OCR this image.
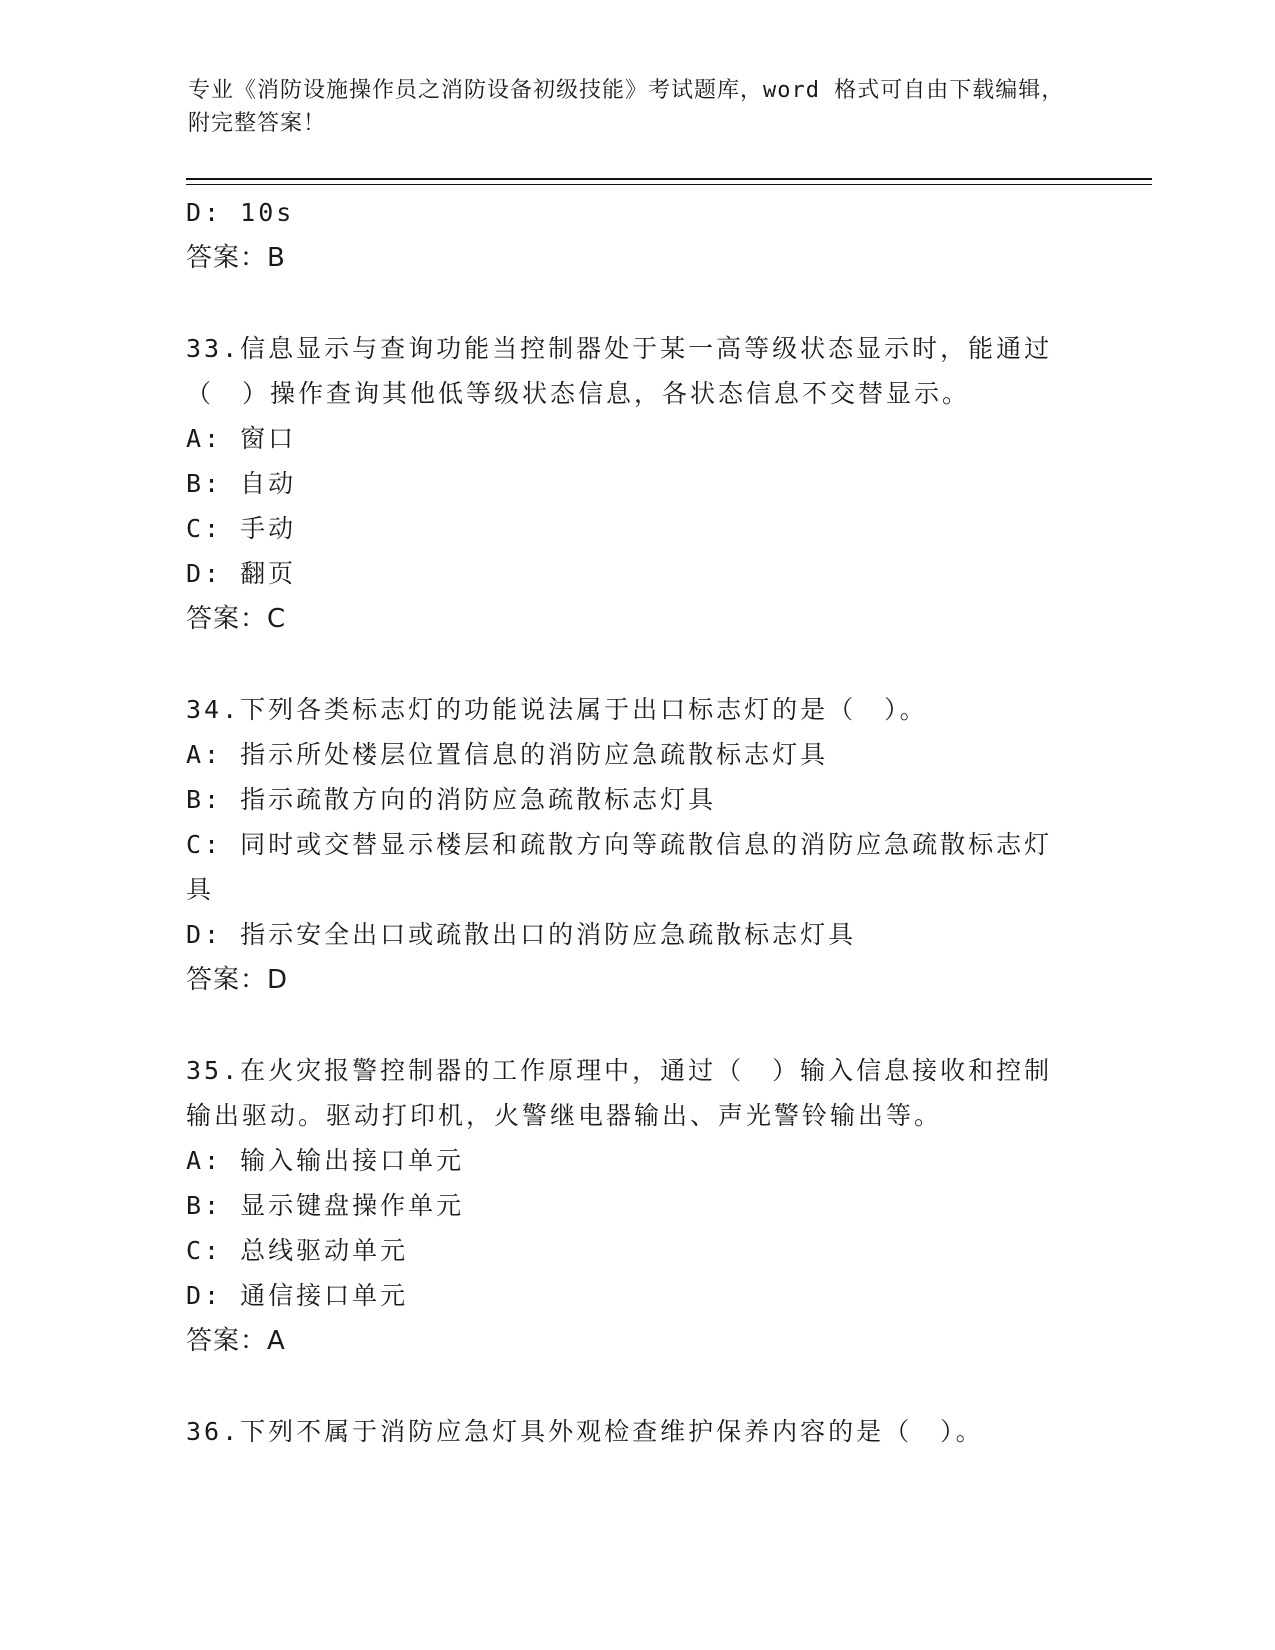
专业《消防设施操作员之消防设备初级技能》考试题库，word 格式可自由下载编辑，附完整答案！
D: 10s
答案：B
33.信息显示与查询功能当控制器处于某一高等级状态显示时，能通过（　）操作查询其他低等级状态信息，各状态信息不交替显示。
A: 窗口
B: 自动
C: 手动
D: 翻页
答案：C
34.下列各类标志灯的功能说法属于出口标志灯的是（　）。
A: 指示所处楼层位置信息的消防应急疏散标志灯具
B: 指示疏散方向的消防应急疏散标志灯具
C: 同时或交替显示楼层和疏散方向等疏散信息的消防应急疏散标志灯具
D: 指示安全出口或疏散出口的消防应急疏散标志灯具
答案：D
35.在火灾报警控制器的工作原理中，通过（　）输入信息接收和控制输出驱动。驱动打印机，火警继电器输出、声光警铃输出等。
A: 输入输出接口单元
B: 显示键盘操作单元
C: 总线驱动单元
D: 通信接口单元
答案：A
36.下列不属于消防应急灯具外观检查维护保养内容的是（　）。
